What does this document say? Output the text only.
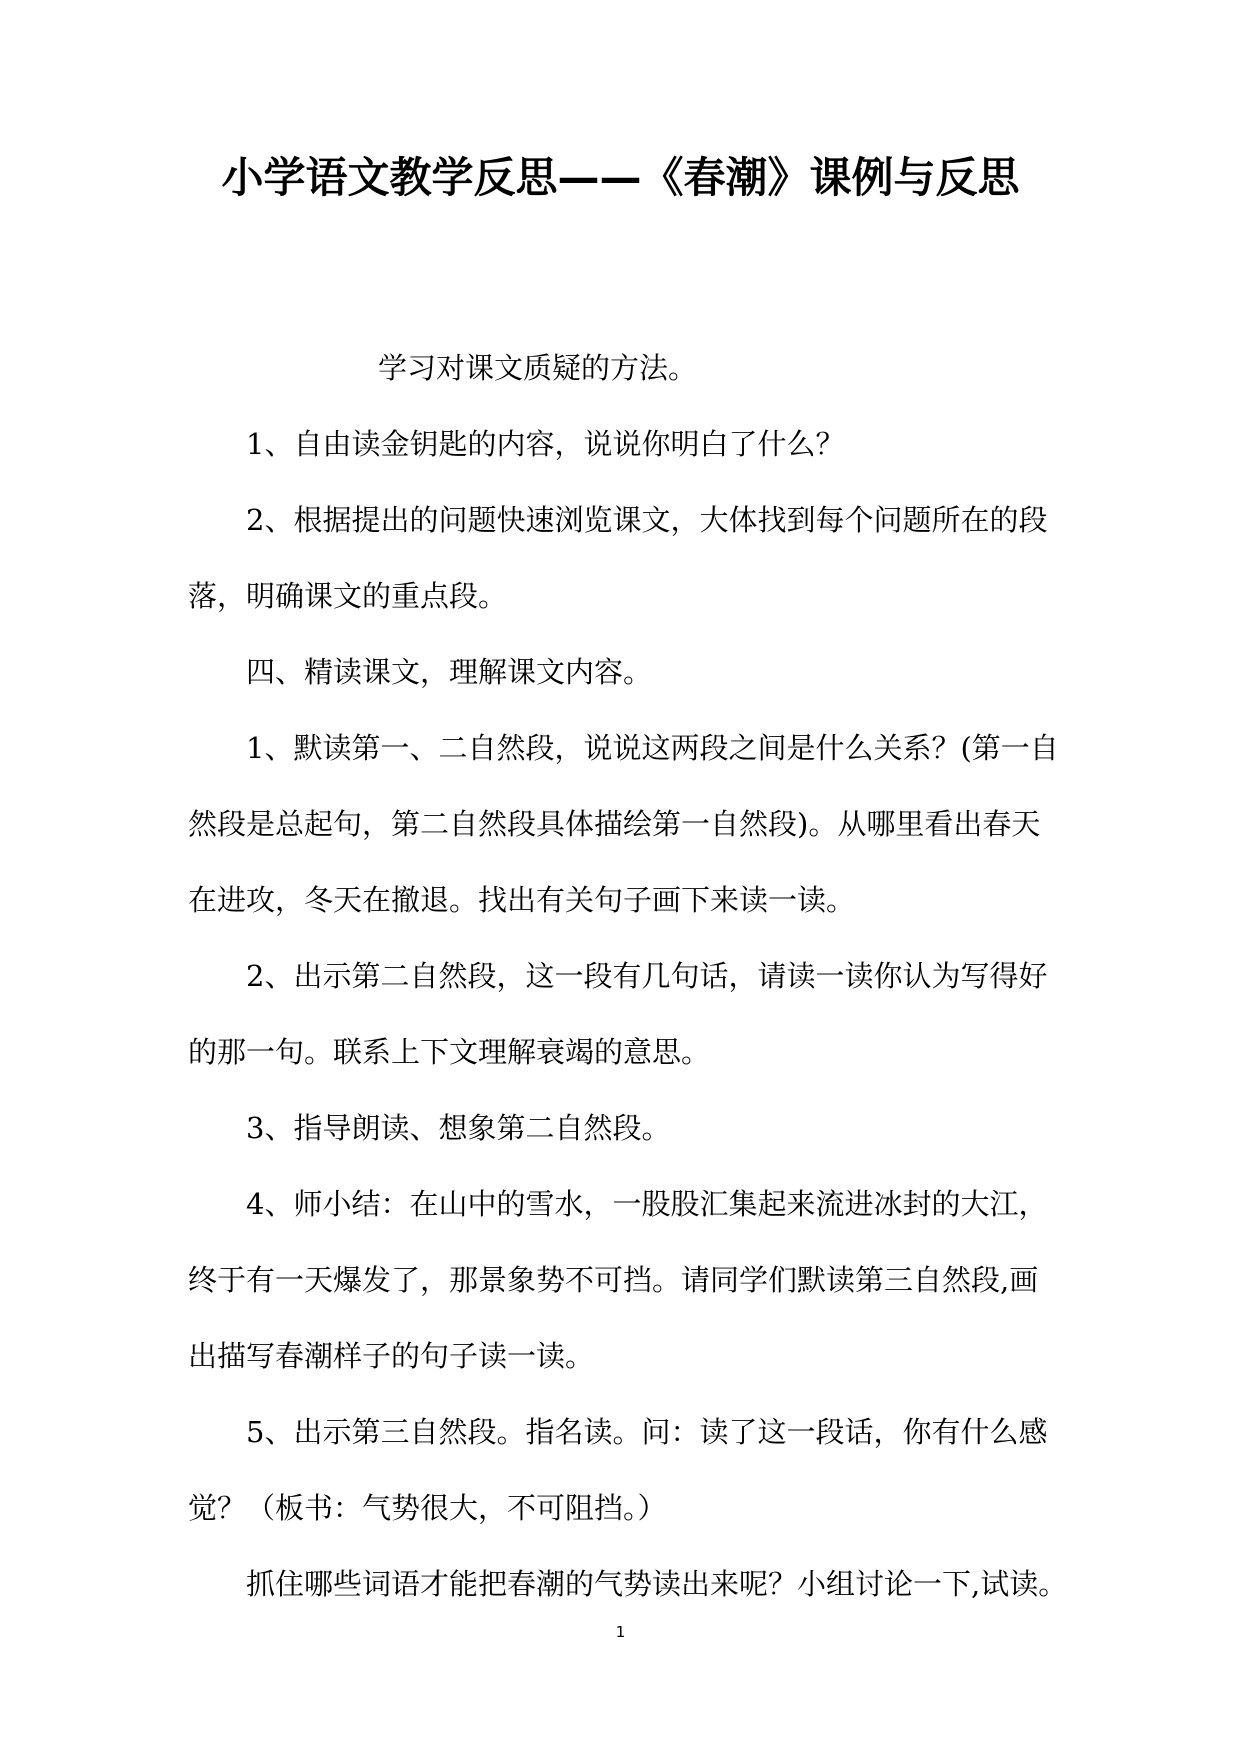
小学语文教学反思——《春潮》课例与反思
学习对课文质疑的方法。
1、自由读金钥匙的内容，说说你明白了什么？
2、根据提出的问题快速浏览课文，大体找到每个问题所在的段
落，明确课文的重点段。
四、精读课文，理解课文内容。
1、默读第一、二自然段，说说这两段之间是什么关系？(第一自
然段是总起句，第二自然段具体描绘第一自然段)。从哪里看出春天
在进攻，冬天在撤退。找出有关句子画下来读一读。
2、出示第二自然段，这一段有几句话，请读一读你认为写得好
的那一句。联系上下文理解衰竭的意思。
3、指导朗读、想象第二自然段。
4、师小结：在山中的雪水，一股股汇集起来流进冰封的大江，
终于有一天爆发了，那景象势不可挡。请同学们默读第三自然段,画
出描写春潮样子的句子读一读。
5、出示第三自然段。指名读。问：读了这一段话，你有什么感
觉？（板书：气势很大，不可阻挡。）
抓住哪些词语才能把春潮的气势读出来呢？小组讨论一下,试读。
1
